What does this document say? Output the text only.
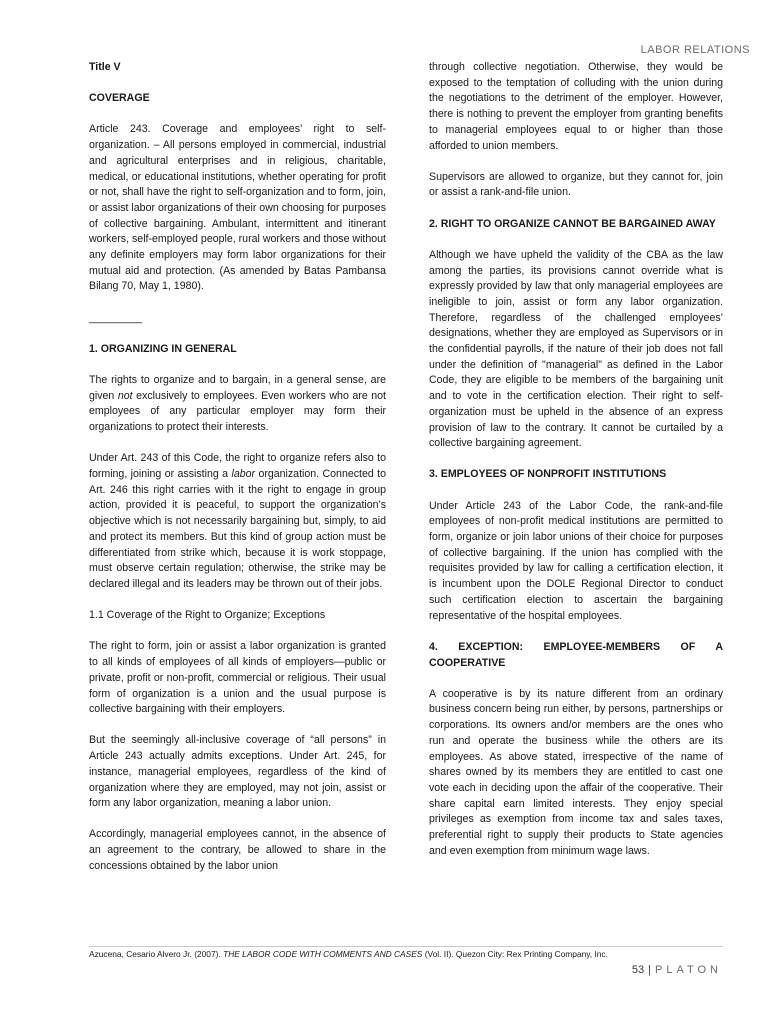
LABOR RELATIONS

Title V

COVERAGE

Article 243. Coverage and employees’ right to self-organization. – All persons employed in commercial, industrial and agricultural enterprises and in religious, charitable, medical, or educational institutions, whether operating for profit or not, shall have the right to self-organization and to form, join, or assist labor organizations of their own choosing for purposes of collective bargaining. Ambulant, intermittent and itinerant workers, self-employed people, rural workers and those without any definite employers may form labor organizations for their mutual aid and protection. (As amended by Batas Pambansa Bilang 70, May 1, 1980).

_________

1. ORGANIZING IN GENERAL

The rights to organize and to bargain, in a general sense, are given not exclusively to employees. Even workers who are not employees of any particular employer may form their organizations to protect their interests.

Under Art. 243 of this Code, the right to organize refers also to forming, joining or assisting a labor organization. Connected to Art. 246 this right carries with it the right to engage in group action, provided it is peaceful, to support the organization’s objective which is not necessarily bargaining but, simply, to aid and protect its members. But this kind of group action must be differentiated from strike which, because it is work stoppage, must observe certain regulation; otherwise, the strike may be declared illegal and its leaders may be thrown out of their jobs.

1.1 Coverage of the Right to Organize; Exceptions

The right to form, join or assist a labor organization is granted to all kinds of employees of all kinds of employers—public or private, profit or non-profit, commercial or religious. Their usual form of organization is a union and the usual purpose is collective bargaining with their employers.

But the seemingly all-inclusive coverage of “all persons” in Article 243 actually admits exceptions. Under Art. 245, for instance, managerial employees, regardless of the kind of organization where they are employed, may not join, assist or form any labor organization, meaning a labor union.

Accordingly, managerial employees cannot, in the absence of an agreement to the contrary, be allowed to share in the concessions obtained by the labor union

through collective negotiation. Otherwise, they would be exposed to the temptation of colluding with the union during the negotiations to the detriment of the employer. However, there is nothing to prevent the employer from granting benefits to managerial employees equal to or higher than those afforded to union members.

Supervisors are allowed to organize, but they cannot for, join or assist a rank-and-file union.

2. RIGHT TO ORGANIZE CANNOT BE BARGAINED AWAY

Although we have upheld the validity of the CBA as the law among the parties, its provisions cannot override what is expressly provided by law that only managerial employees are ineligible to join, assist or form any labor organization. Therefore, regardless of the challenged employees’ designations, whether they are employed as Supervisors or in the confidential payrolls, if the nature of their job does not fall under the definition of "managerial" as defined in the Labor Code, they are eligible to be members of the bargaining unit and to vote in the certification election. Their right to self-organization must be upheld in the absence of an express provision of law to the contrary. It cannot be curtailed by a collective bargaining agreement.

3. EMPLOYEES OF NONPROFIT INSTITUTIONS

Under Article 243 of the Labor Code, the rank-and-file employees of non-profit medical institutions are permitted to form, organize or join labor unions of their choice for purposes of collective bargaining. If the union has complied with the requisites provided by law for calling a certification election, it is incumbent upon the DOLE Regional Director to conduct such certification election to ascertain the bargaining representative of the hospital employees.

4. EXCEPTION: EMPLOYEE-MEMBERS OF A COOPERATIVE

A cooperative is by its nature different from an ordinary business concern being run either, by persons, partnerships or corporations. Its owners and/or members are the ones who run and operate the business while the others are its employees. As above stated, irrespective of the name of shares owned by its members they are entitled to cast one vote each in deciding upon the affair of the cooperative. Their share capital earn limited interests. They enjoy special privileges as exemption from income tax and sales taxes, preferential right to supply their products to State agencies and even exemption from minimum wage laws.

Azucena, Cesario Alvero Jr. (2007). THE LABOR CODE WITH COMMENTS AND CASES (Vol. II). Quezon City: Rex Printing Company, Inc.
53 | PLATON
